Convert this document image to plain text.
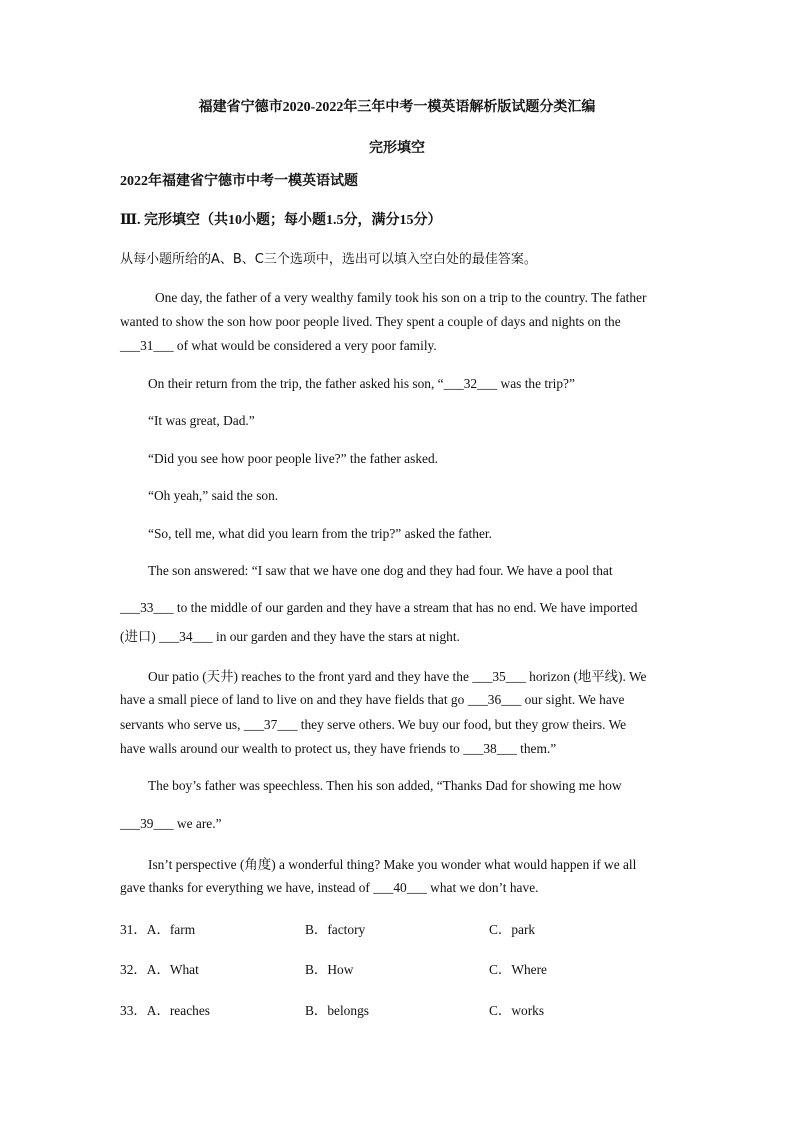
福建省宁德市2020-2022年三年中考一模英语解析版试题分类汇编
完形填空
2022年福建省宁德市中考一模英语试题
Ⅲ. 完形填空（共10小题；每小题1.5分，满分15分）
从每小题所给的A、B、C三个选项中，选出可以填入空白处的最佳答案。
One day, the father of a very wealthy family took his son on a trip to the country. The father
wanted to show the son how poor people lived. They spent a couple of days and nights on the
___31___ of what would be considered a very poor family.
On their return from the trip, the father asked his son, “___32___ was the trip?”
“It was great, Dad.”
“Did you see how poor people live?” the father asked.
“Oh yeah,” said the son.
“So, tell me, what did you learn from the trip?” asked the father.
The son answered: “I saw that we have one dog and they had four. We have a pool that
___33___ to the middle of our garden and they have a stream that has no end. We have imported
(进口) ___34___ in our garden and they have the stars at night.
Our patio (天井) reaches to the front yard and they have the ___35___ horizon (地平线). We
have a small piece of land to live on and they have fields that go ___36___ our sight. We have
servants who serve us, ___37___ they serve others. We buy our food, but they grow theirs. We
have walls around our wealth to protect us, they have friends to ___38___ them.”
The boy’s father was speechless. Then his son added, “Thanks Dad for showing me how
___39___ we are.”
Isn’t perspective (角度) a wonderful thing? Make you wonder what would happen if we all
gave thanks for everything we have, instead of ___40___ what we don’t have.
31．A．farm	B．factory	C．park
32．A．What	B．How	C．Where
33．A．reaches	B．belongs	C．works
